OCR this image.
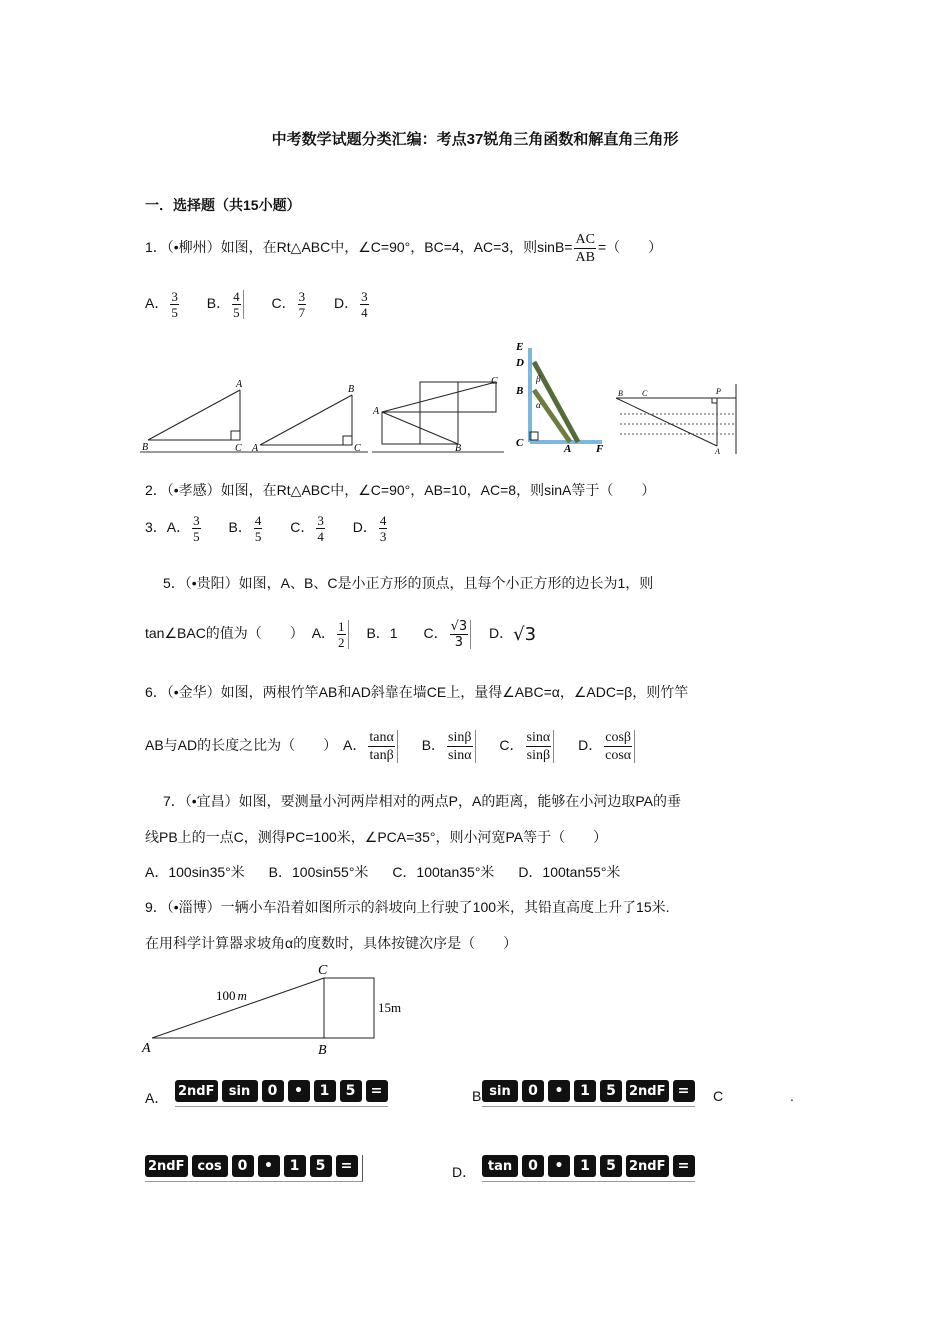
中考数学试题分类汇编：考点37锐角三角函数和解直角三角形
一．选择题（共15小题）
1．（•柳州）如图，在Rt△ABC中，∠C=90°，BC=4，AC=3，则$\sin B= \frac{AC}{AB}$ =（　　）
A． $\frac{3}{5}$ B． $\frac{4}{5}$ C． $\frac{3}{7}$ D． $\frac{3}{4}$
A
B	C
B
A	C
A
C
B
E
D
B
C	A F
β
α
B C	P
A
2．（•孝感）如图，在Rt△ABC中，∠C=90°，AB=10，AC=8，则sinA等于（　　）
3．A． $\frac{3}{5}$ B． $\frac{4}{5}$ C． $\frac{3}{4}$ D． $\frac{4}{3}$
5．（•贵阳）如图，A、B、C是小正方形的顶点，且每个小正方形的边长为1，则
tan∠BAC的值为（　　） A． $\frac{1}{2}$ B．1 C． $\frac{√3}{3}$ D．√3
6．（•金华）如图，两根竹竿AB和AD斜靠在墙CE上，量得∠ABC=α，∠ADC=β，则竹竿
AB与AD的长度之比为（　　） A． $\frac{\tan\alpha}{\tan\beta}$ B． $\frac{\sin\beta}{\sin\alpha}$ C． $\frac{\sin\alpha}{\sin\beta}$ D． $\frac{\cos\beta}{\cos\alpha}$
7．（•宜昌）如图，要测量小河两岸相对的两点P，A的距离，能够在小河边取PA的垂
线PB上的一点C，测得PC=100米，∠PCA=35°，则小河宽PA等于（　　）
A．100sin35°米 B．100sin55°米 C．100tan35°米 D．100tan55°米
9．（•淄博）一辆小车沿着如图所示的斜坡向上行驶了100米，其铅直高度上升了15米.
在用科学计算器求坡角α的度数时，具体按键次序是（　　）
C
A	B
100 m
15m
A． 2ndF	sin	0	•	1	5	=	B sin	0	•	1	5	2ndF =	C	.
2ndF cos	0	•	1	5	=	D． tan	0	•	1	5	2ndF =
